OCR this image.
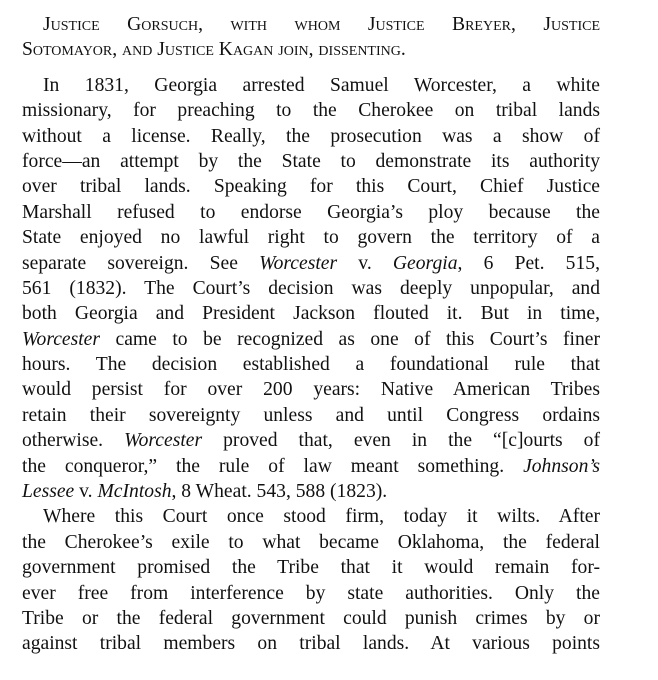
Justice Gorsuch, with whom Justice Breyer, Justice
Sotomayor, and Justice Kagan join, dissenting.
In 1831, Georgia arrested Samuel Worcester, a white
missionary, for preaching to the Cherokee on tribal lands
without a license. Really, the prosecution was a show of
force—an attempt by the State to demonstrate its authority
over tribal lands. Speaking for this Court, Chief Justice
Marshall refused to endorse Georgia’s ploy because the
State enjoyed no lawful right to govern the territory of a
separate sovereign. See Worcester v. Georgia, 6 Pet. 515,
561 (1832). The Court’s decision was deeply unpopular, and
both Georgia and President Jackson flouted it. But in time,
Worcester came to be recognized as one of this Court’s finer
hours. The decision established a foundational rule that
would persist for over 200 years: Native American Tribes
retain their sovereignty unless and until Congress ordains
otherwise. Worcester proved that, even in the “[c]ourts of
the conqueror,” the rule of law meant something. Johnson’s
Lessee v. McIntosh, 8 Wheat. 543, 588 (1823).
Where this Court once stood firm, today it wilts. After
the Cherokee’s exile to what became Oklahoma, the federal
government promised the Tribe that it would remain for-
ever free from interference by state authorities. Only the
Tribe or the federal government could punish crimes by or
against tribal members on tribal lands. At various points
